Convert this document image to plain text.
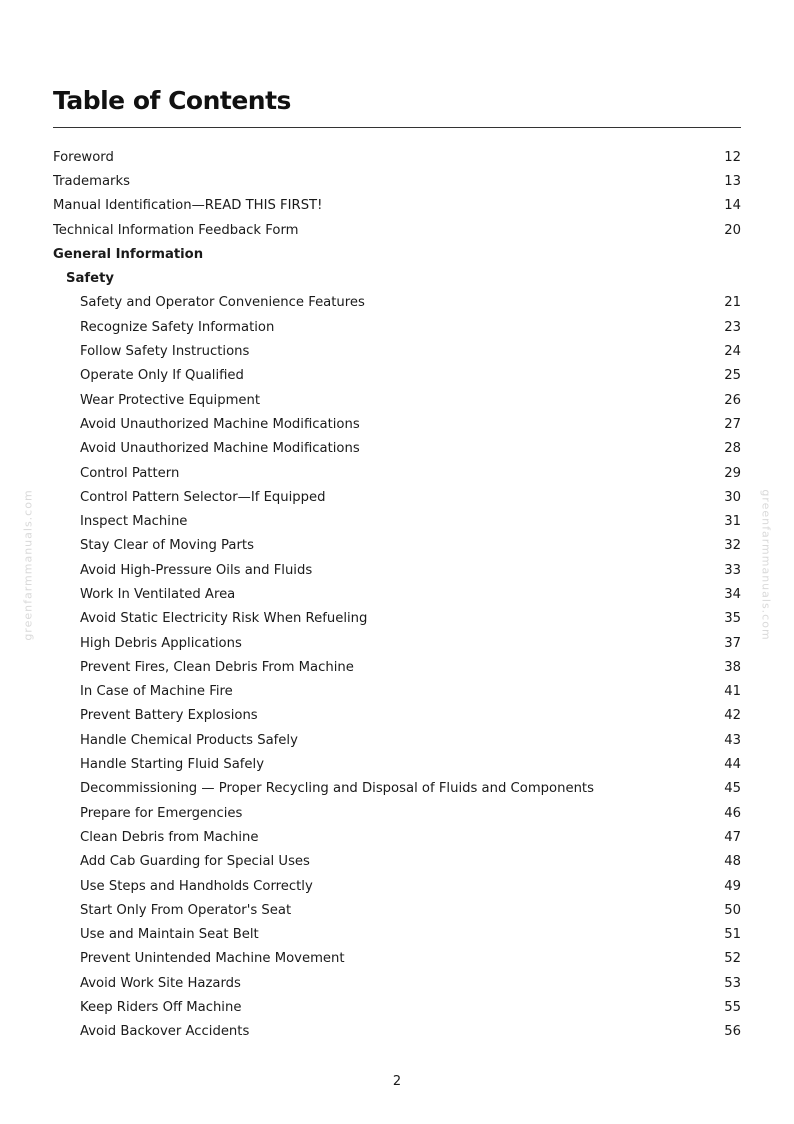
Table of Contents
Foreword	12
Trademarks	13
Manual Identification—READ THIS FIRST!	14
Technical Information Feedback Form	20
General Information
Safety
Safety and Operator Convenience Features	21
Recognize Safety Information	23
Follow Safety Instructions	24
Operate Only If Qualified	25
Wear Protective Equipment	26
Avoid Unauthorized Machine Modifications	27
Avoid Unauthorized Machine Modifications	28
Control Pattern	29
Control Pattern Selector—If Equipped	30
Inspect Machine	31
Stay Clear of Moving Parts	32
Avoid High-Pressure Oils and Fluids	33
Work In Ventilated Area	34
Avoid Static Electricity Risk When Refueling	35
High Debris Applications	37
Prevent Fires, Clean Debris From Machine	38
In Case of Machine Fire	41
Prevent Battery Explosions	42
Handle Chemical Products Safely	43
Handle Starting Fluid Safely	44
Decommissioning — Proper Recycling and Disposal of Fluids and Components	45
Prepare for Emergencies	46
Clean Debris from Machine	47
Add Cab Guarding for Special Uses	48
Use Steps and Handholds Correctly	49
Start Only From Operator's Seat	50
Use and Maintain Seat Belt	51
Prevent Unintended Machine Movement	52
Avoid Work Site Hazards	53
Keep Riders Off Machine	55
Avoid Backover Accidents	56
greenfarmmanuals.com	greenfarmmanuals.com
2
